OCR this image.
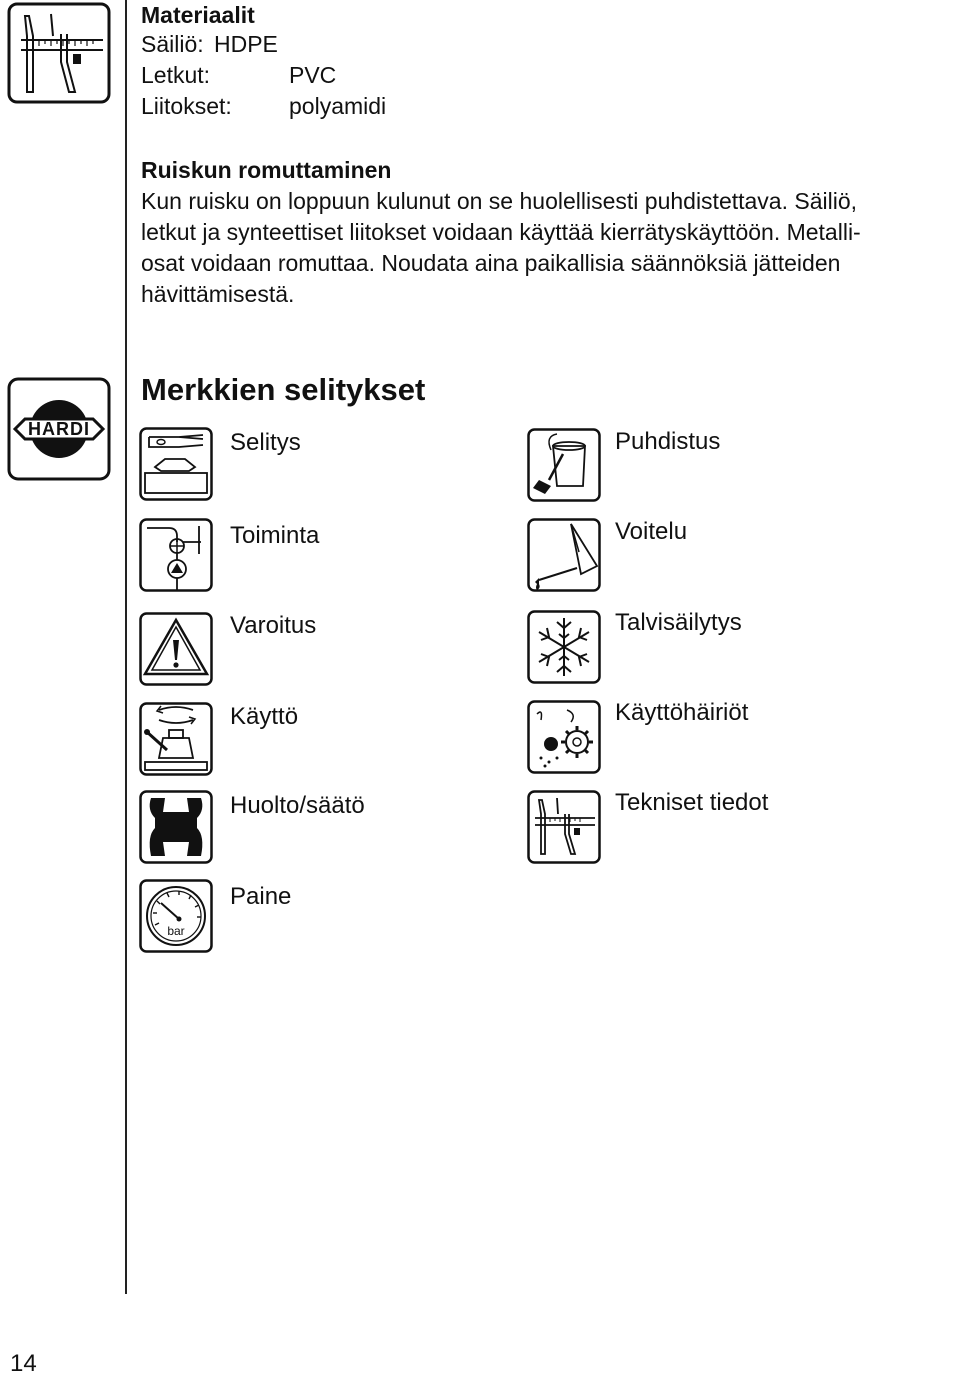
HARDI
Materiaalit
Säiliö: HDPE
Letkut:	PVC
Liitokset: polyamidi
Ruiskun romuttaminen
Kun ruisku on loppuun kulunut on se huolellisesti puhdistettava. Säiliö,
letkut ja synteettiset liitokset voidaan käyttää kierrätyskäyttöön. Metalli-
osat voidaan romuttaa. Noudata aina paikallisia säännöksiä jätteiden
hävittämisestä.
Merkkien selitykset
bar
Selitys	Puhdistus
Toiminta	Voitelu
Varoitus	Talvisäilytys
Käyttö	Käyttöhäiriöt
Huolto/säätö	Tekniset tiedot
Paine
14
